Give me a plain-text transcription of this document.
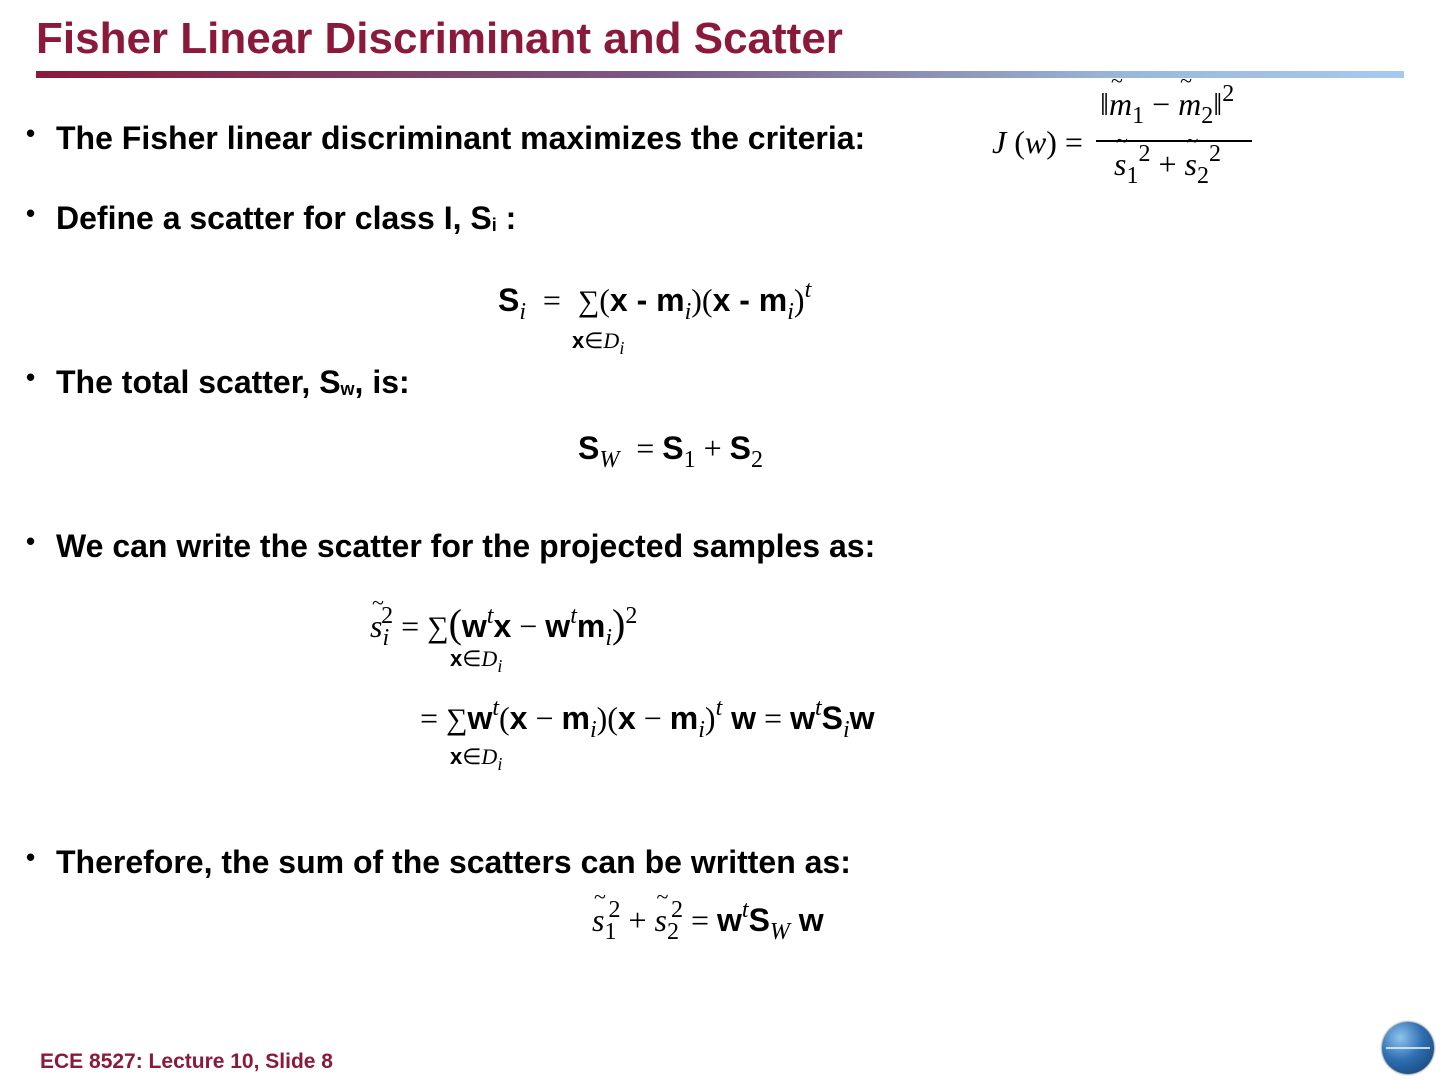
Fisher Linear Discriminant and Scatter
• The Fisher linear discriminant maximizes the criteria:	J (w) =
‖~ $m_1$ − ~ $m_2‖^2$
~ $s_1^2$ + ~ $s_2^2$
• Define a scatter for class I, $S_i$ :
$S_i = \sum(x - m_i)(x - m_i)^t$
$x\in D_i$
• The total scatter, $S_w$, is:
$S_W = S_1 + S_2$
• We can write the scatter for the projected samples as:
~ $s_i^2 = \sum(w^tx - w^tm_i)^2$
$x\in D_i$
= $\sum w^t(x - m_i)(x - m_i)^t$ $w = w^tS_iw$
$x\in D_i$
• Therefore, the sum of the scatters can be written as:
~ $s_1^2$ + ~ $s_2^2 = w^tS_W$ w
ECE 8527: Lecture 10, Slide 8
